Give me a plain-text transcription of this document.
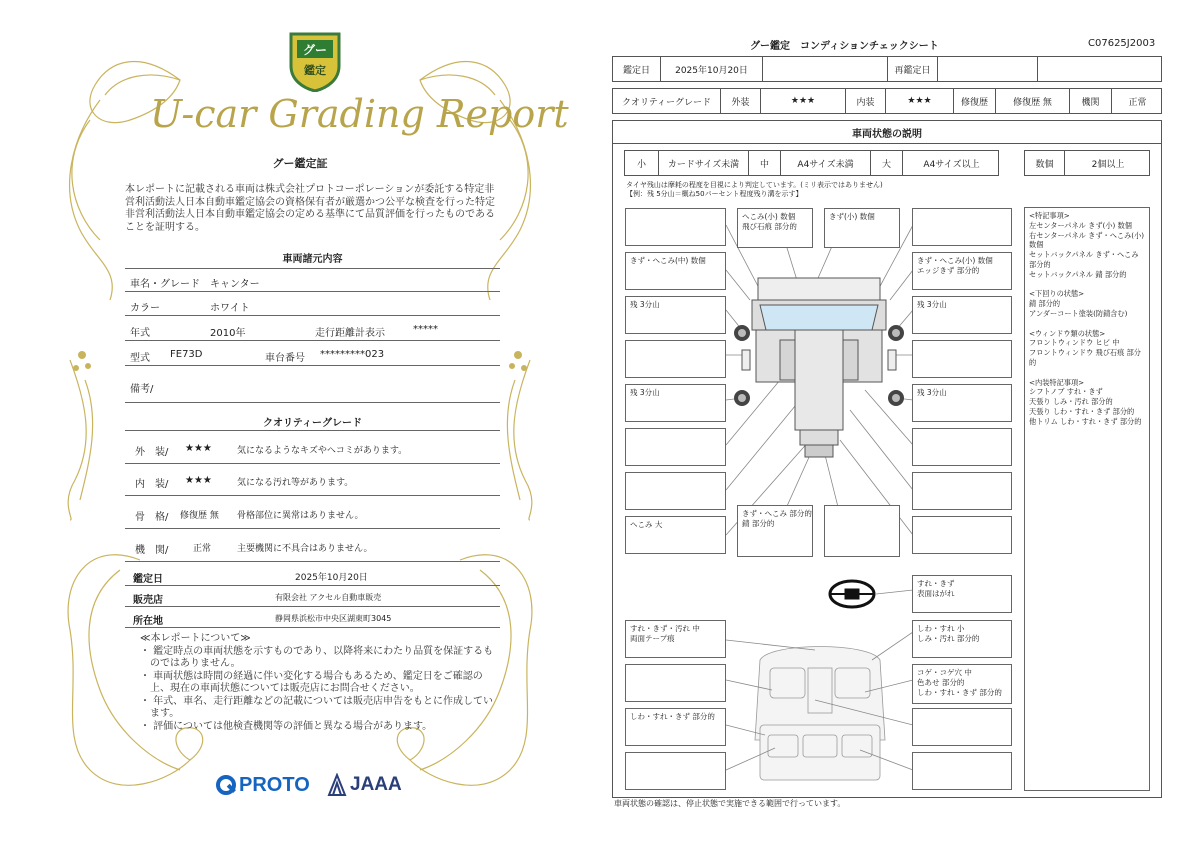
グー
鑑定
U-car Grading Report
グー鑑定証
本レポートに記載される車両は株式会社プロトコーポレーションが委託する特定非営利活動法人日本自動車鑑定協会の資格保有者が厳選かつ公平な検査を行った特定非営利活動法人日本自動車鑑定協会の定める基準にて品質評価を行ったものであることを証明する。
車両諸元内容
車名・グレード キャンター
カラー	ホワイト
年式	2010年	走行距離計表示	*****
型式 FE73D	車台番号 *********023
備考/
クオリティーグレード
外　装/ ★★★	気になるようなキズやヘコミがあります。
内　装/ ★★★	気になる汚れ等があります。
骨　格/ 修復歴 無 骨格部位に異常はありません。
機　関/	正常	主要機関に不具合はありません。
鑑定日	2025年10月20日
販売店	有限会社 アクセル自動車販売
所在地	静岡県浜松市中央区湖東町3045
≪本レポートについて≫
・ 鑑定時点の車両状態を示すものであり、以降将来にわたり品質を保証するものではありません。
・ 車両状態は時間の経過に伴い変化する場合もあるため、鑑定日をご確認の上、現在の車両状態については販売店にお問合せください。
・ 年式、車名、走行距離などの記載については販売店申告をもとに作成しています。
・ 評価については他検査機関等の評価と異なる場合があります。
PROTO JAAA
グー鑑定　コンディションチェックシート	C07625J2003
鑑定日	2025年10月20日	再鑑定日
クオリティーグレード	外装	★★★	内装	★★★	修復歴	修復歴 無	機関	正常
車両状態の説明
小	カードサイズ未満	中	A4サイズ未満	大	A4サイズ以上	数個	2個以上
タイヤ残山は摩耗の程度を目視により判定しています。(ミリ表示ではありません)
【例：残 5分山＝概ね50パーセント程度残り溝を示す】
きず・へこみ(中) 数個
残 3分山
残 3分山
へこみ 大
へこみ(小) 数個
飛び石痕 部分的
きず(小) 数個
きず・へこみ 部分的
錆 部分的
きず・へこみ(小) 数個
エッジきず 部分的
残 3分山
残 3分山
すれ・きず
表面はがれ
すれ・きず・汚れ 中
両面テープ痕
しわ・すれ・きず 部分的
しわ・すれ 小
しみ・汚れ 部分的
コゲ・コゲ穴 中
色あせ 部分的
しわ・すれ・きず 部分的
<特記事項>
左センターパネル きず(小) 数個
右センターパネル きず・へこみ(小) 数個
セットバックパネル きず・へこみ 部分的
セットバックパネル 錆 部分的

<下回りの状態>
錆 部分的
アンダーコート塗装(防錆含む)

<ウィンドウ類の状態>
フロントウィンドウ ヒビ 中
フロントウィンドウ 飛び石痕 部分的

<内装特記事項>
シフトノブ すれ・きず
天張り しみ・汚れ 部分的
天張り しわ・すれ・きず 部分的
他トリム しわ・すれ・きず 部分的
車両状態の確認は、停止状態で実施できる範囲で行っています。
